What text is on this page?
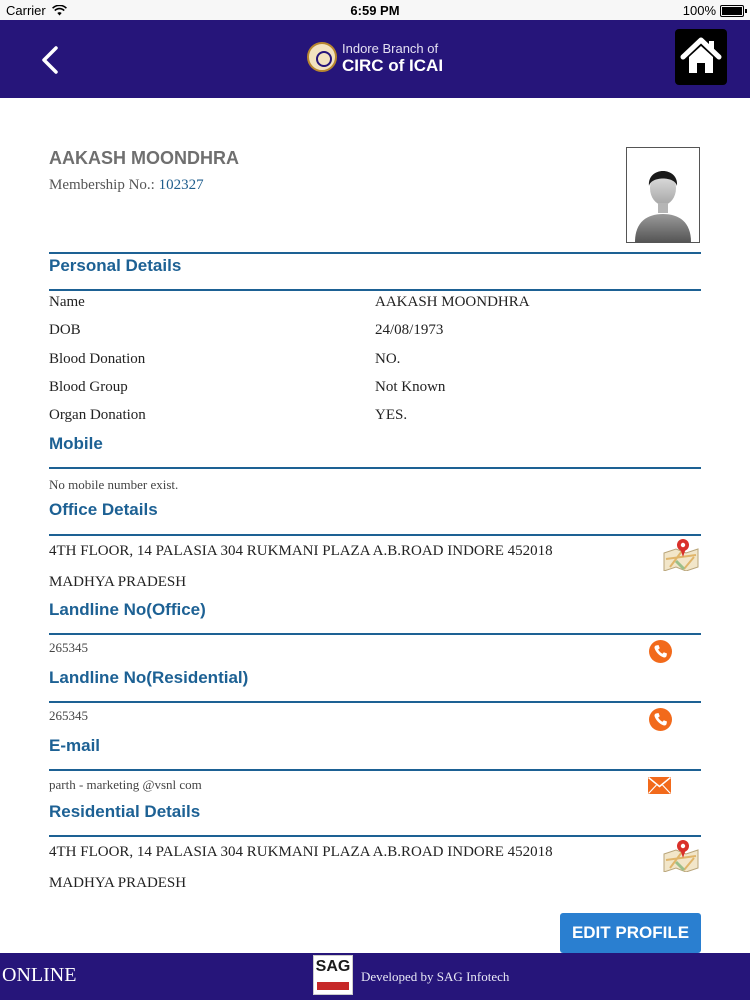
Carrier	6:59 PM	100%
Indore Branch of
CIRC of ICAI
AAKASH MOONDHRA
Membership No.: 102327
Personal Details
Name	AAKASH MOONDHRA
DOB	24/08/1973
Blood Donation	NO.
Blood Group	Not Known
Organ Donation	YES.
Mobile
No mobile number exist.
Office Details
4TH FLOOR, 14 PALASIA 304 RUKMANI PLAZA A.B.ROAD INDORE 452018
MADHYA PRADESH
Landline No(Office)
265345
Landline No(Residential)
265345
E-mail
parth - marketing @vsnl com
Residential Details
4TH FLOOR, 14 PALASIA 304 RUKMANI PLAZA A.B.ROAD INDORE 452018
MADHYA PRADESH
EDIT PROFILE
ONLINE	SAG
Developed by SAG Infotech
